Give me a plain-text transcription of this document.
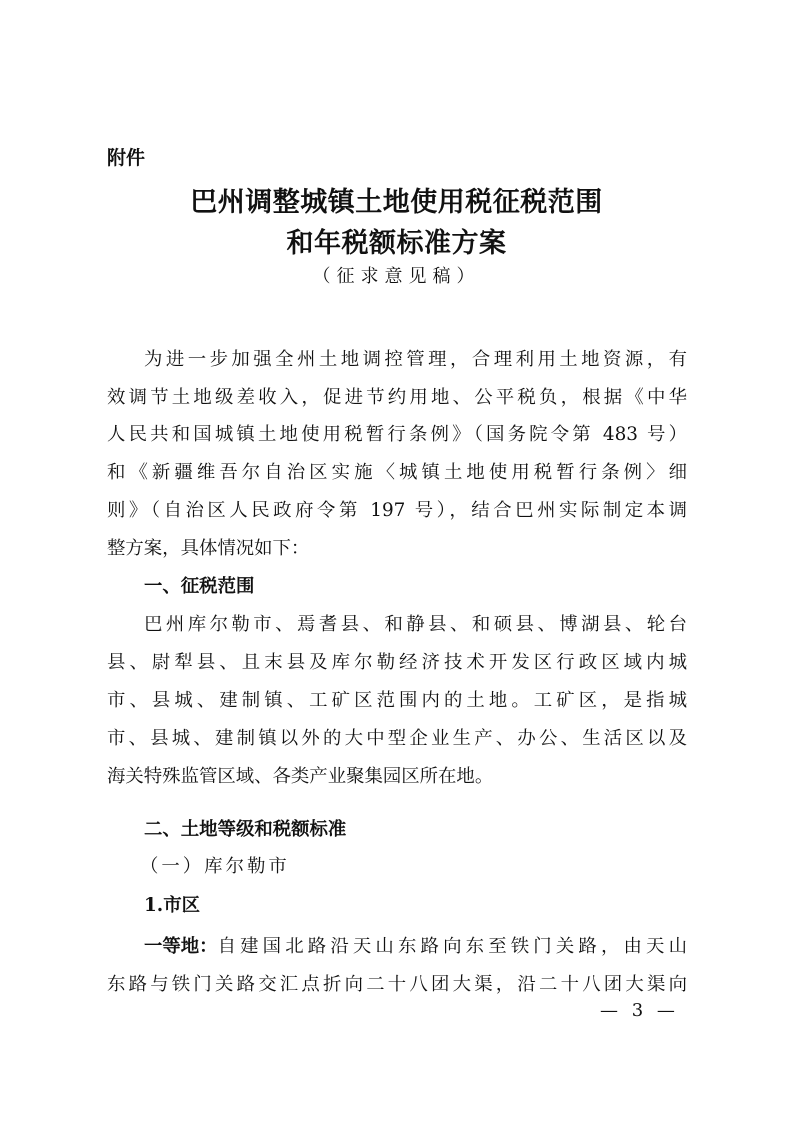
附件
巴州调整城镇土地使用税征税范围
和年税额标准方案
（征求意见稿）
为进一步加强全州土地调控管理，合理利用土地资源，有
效调节土地级差收入，促进节约用地、公平税负，根据《中华
人民共和国城镇土地使用税暂行条例》（国务院令第 483 号）
和《新疆维吾尔自治区实施〈城镇土地使用税暂行条例〉细
则》（自治区人民政府令第 197 号），结合巴州实际制定本调
整方案，具体情况如下：
一、征税范围
巴州库尔勒市、焉耆县、和静县、和硕县、博湖县、轮台
县、尉犁县、且末县及库尔勒经济技术开发区行政区域内城
市、县城、建制镇、工矿区范围内的土地。工矿区，是指城
市、县城、建制镇以外的大中型企业生产、办公、生活区以及
海关特殊监管区域、各类产业聚集园区所在地。
二、土地等级和税额标准
（一）库尔勒市
1.市区
一等地： 自建国北路沿天山东路向东至铁门关路，由天山
东路与铁门关路交汇点折向二十八团大渠，沿二十八团大渠向
— 3 —
